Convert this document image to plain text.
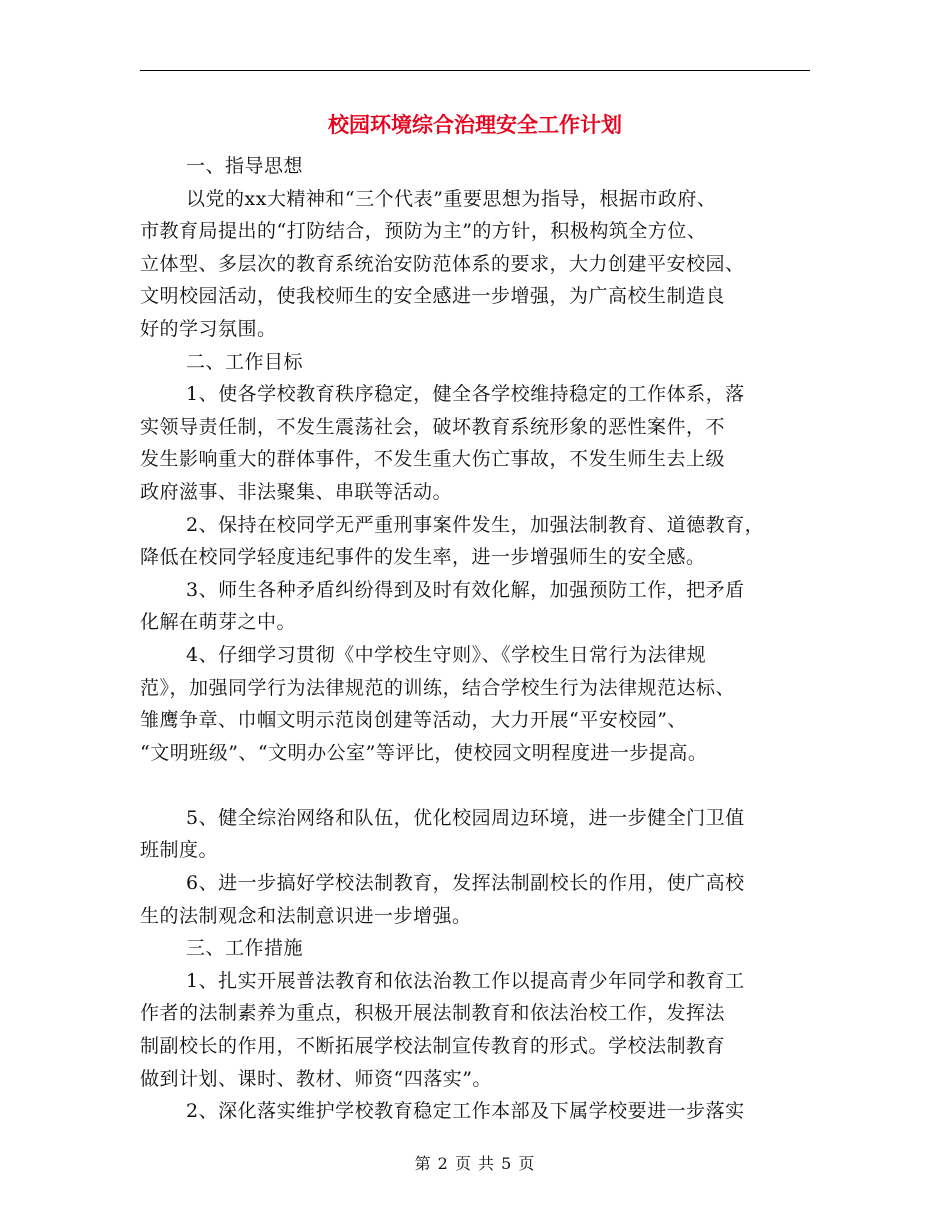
校园环境综合治理安全工作计划
一、指导思想
以党的xx大精神和“三个代表”重要思想为指导，根据市政府、
市教育局提出的“打防结合，预防为主”的方针，积极构筑全方位、
立体型、多层次的教育系统治安防范体系的要求，大力创建平安校园、
文明校园活动，使我校师生的安全感进一步增强，为广高校生制造良
好的学习氛围。
二、工作目标
1、使各学校教育秩序稳定，健全各学校维持稳定的工作体系，落
实领导责任制，不发生震荡社会，破坏教育系统形象的恶性案件，不
发生影响重大的群体事件，不发生重大伤亡事故，不发生师生去上级
政府滋事、非法聚集、串联等活动。
2、保持在校同学无严重刑事案件发生，加强法制教育、道德教育，
降低在校同学轻度违纪事件的发生率，进一步增强师生的安全感。
3、师生各种矛盾纠纷得到及时有效化解，加强预防工作，把矛盾
化解在萌芽之中。
4、仔细学习贯彻《中学校生守则》、《学校生日常行为法律规
范》，加强同学行为法律规范的训练，结合学校生行为法律规范达标、
雏鹰争章、巾帼文明示范岗创建等活动，大力开展“平安校园”、
“文明班级”、“文明办公室”等评比，使校园文明程度进一步提高。
5、健全综治网络和队伍，优化校园周边环境，进一步健全门卫值
班制度。
6、进一步搞好学校法制教育，发挥法制副校长的作用，使广高校
生的法制观念和法制意识进一步增强。
三、工作措施
1、扎实开展普法教育和依法治教工作以提高青少年同学和教育工
作者的法制素养为重点，积极开展法制教育和依法治校工作，发挥法
制副校长的作用，不断拓展学校法制宣传教育的形式。学校法制教育
做到计划、课时、教材、师资“四落实”。
2、深化落实维护学校教育稳定工作本部及下属学校要进一步落实
第 2 页 共 5 页
